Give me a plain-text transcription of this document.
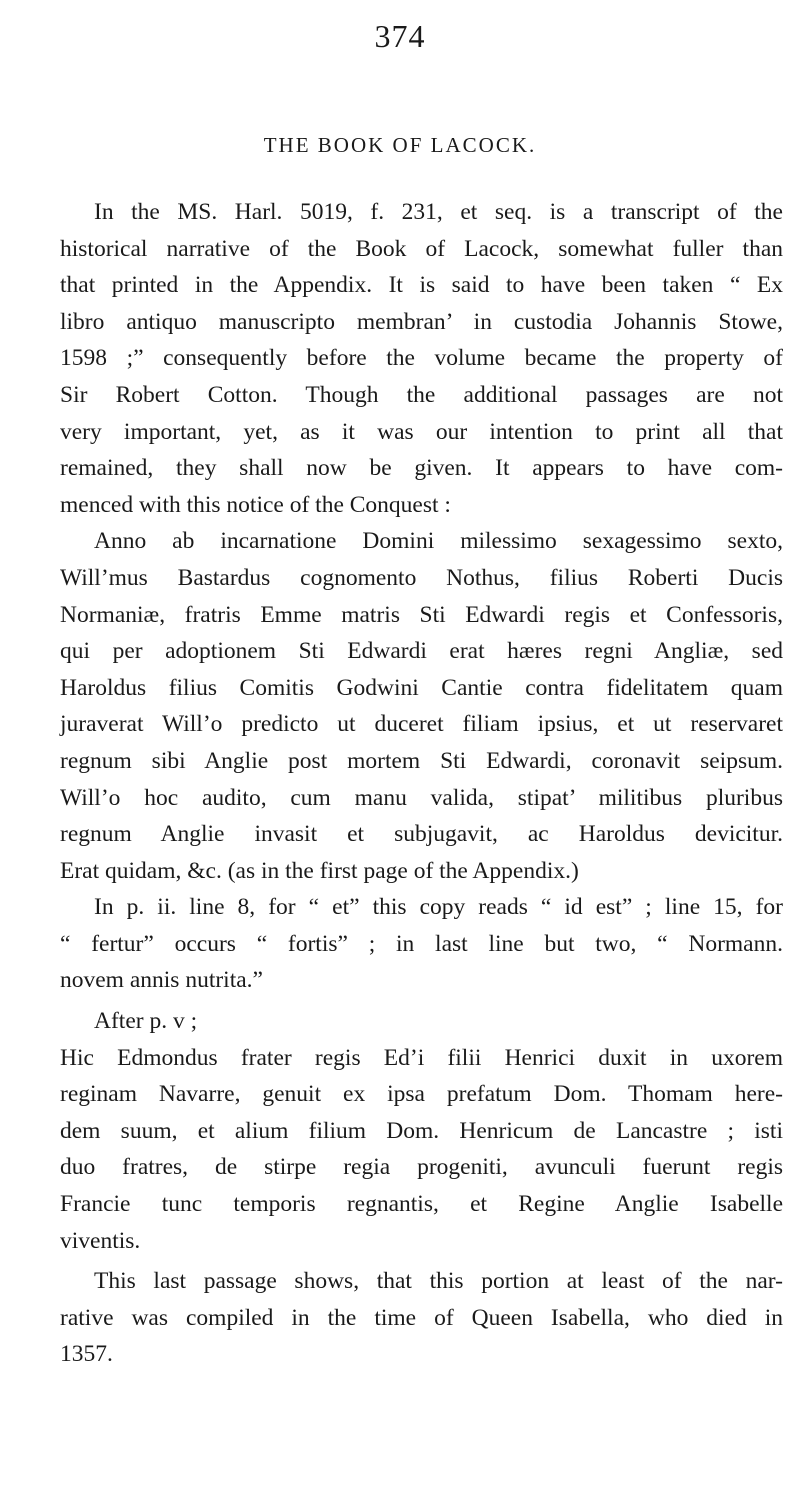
374
THE BOOK OF LACOCK.

In the MS. Harl. 5019, f. 231, et seq. is a transcript of the
historical narrative of the Book of Lacock, somewhat fuller than
that printed in the Appendix. It is said to have been taken “ Ex
libro antiquo manuscripto membran’ in custodia Johannis Stowe,
1598 ;” consequently before the volume became the property of
Sir Robert Cotton. Though the additional passages are not
very important, yet, as it was our intention to print all that
remained, they shall now be given. It appears to have com-
menced with this notice of the Conquest :

Anno ab incarnatione Domini milessimo sexagessimo sexto,
Will’mus Bastardus cognomento Nothus, filius Roberti Ducis
Normaniæ, fratris Emme matris Sti Edwardi regis et Confessoris,
qui per adoptionem Sti Edwardi erat hæres regni Angliæ, sed
Haroldus filius Comitis Godwini Cantie contra fidelitatem quam
juraverat Will’o predicto ut duceret filiam ipsius, et ut reservaret
regnum sibi Anglie post mortem Sti Edwardi, coronavit seipsum.
Will’o hoc audito, cum manu valida, stipat’ militibus pluribus
regnum Anglie invasit et subjugavit, ac Haroldus devicitur.
Erat quidam, &c. (as in the first page of the Appendix.)

In p. ii. line 8, for “ et” this copy reads “ id est” ; line 15, for
“ fertur” occurs “ fortis” ; in last line but two, “ Normann.
novem annis nutrita.”

After p. v ;

Hic Edmondus frater regis Ed’i filii Henrici duxit in uxorem
reginam Navarre, genuit ex ipsa prefatum Dom. Thomam here-
dem suum, et alium filium Dom. Henricum de Lancastre ; isti
duo fratres, de stirpe regia progeniti, avunculi fuerunt regis
Francie tunc temporis regnantis, et Regine Anglie Isabelle
viventis.

This last passage shows, that this portion at least of the nar-
rative was compiled in the time of Queen Isabella, who died in
1357.
